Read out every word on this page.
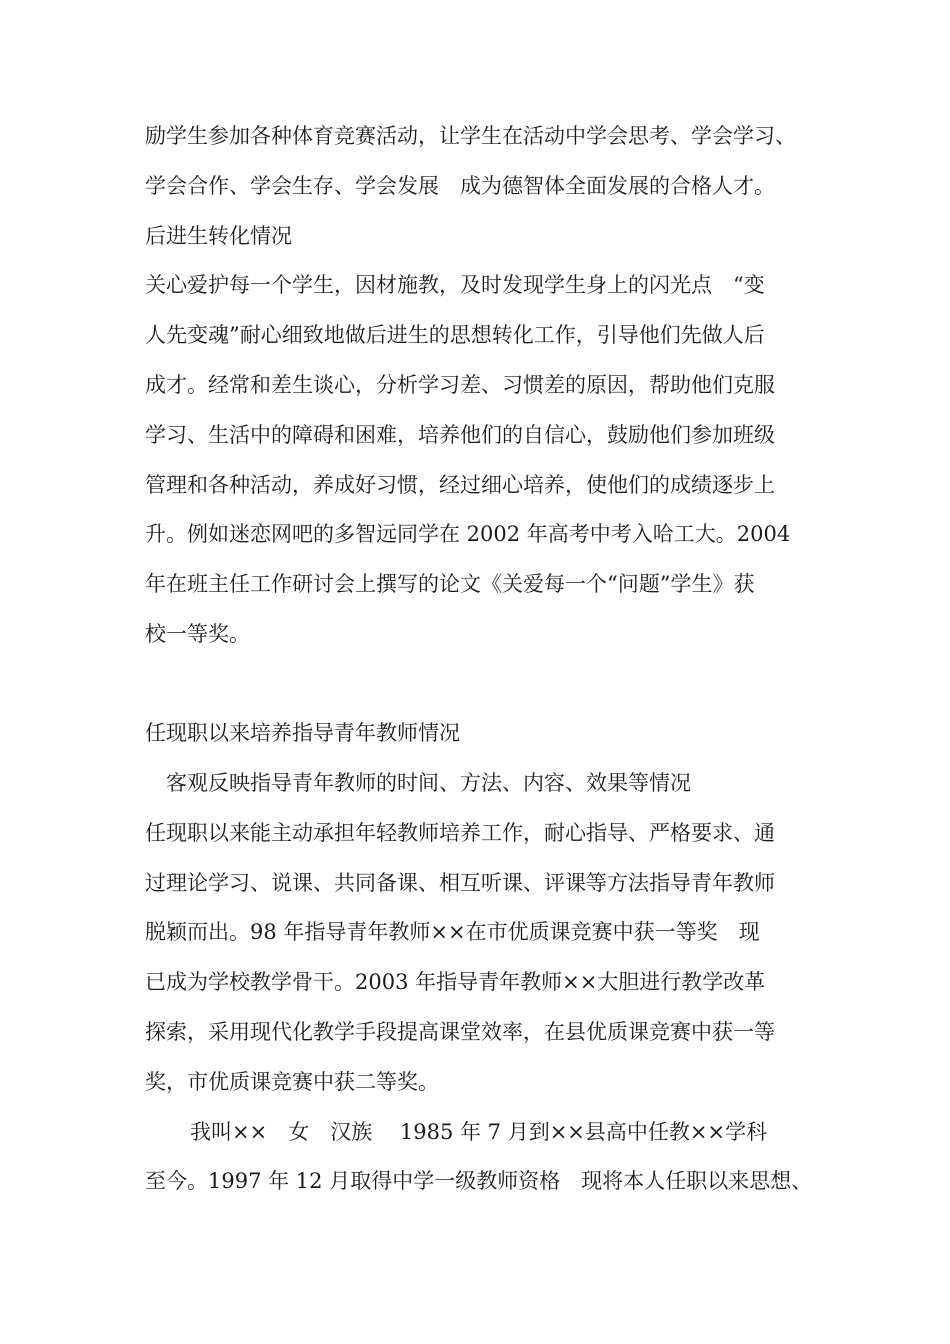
励学生参加各种体育竞赛活动，让学生在活动中学会思考、学会学习、
学会合作、学会生存、学会发展　成为德智体全面发展的合格人才。
后进生转化情况
关心爱护每一个学生，因材施教，及时发现学生身上的闪光点　“变
人先变魂”耐心细致地做后进生的思想转化工作，引导他们先做人后
成才。经常和差生谈心，分析学习差、习惯差的原因，帮助他们克服
学习、生活中的障碍和困难，培养他们的自信心，鼓励他们参加班级
管理和各种活动，养成好习惯，经过细心培养，使他们的成绩逐步上
升。例如迷恋网吧的多智远同学在 2002 年高考中考入哈工大。2004
年在班主任工作研讨会上撰写的论文《关爱每一个“问题”学生》获
校一等奖。
任现职以来培养指导青年教师情况
客观反映指导青年教师的时间、方法、内容、效果等情况
任现职以来能主动承担年轻教师培养工作，耐心指导、严格要求、通
过理论学习、说课、共同备课、相互听课、评课等方法指导青年教师
脱颖而出。98 年指导青年教师××在市优质课竞赛中获一等奖　现
已成为学校教学骨干。2003 年指导青年教师××大胆进行教学改革
探索，采用现代化教学手段提高课堂效率，在县优质课竞赛中获一等
奖，市优质课竞赛中获二等奖。
我叫××　女　汉族　 1985 年 7 月到××县高中任教××学科
至今。1997 年 12 月取得中学一级教师资格　现将本人任职以来思想、
